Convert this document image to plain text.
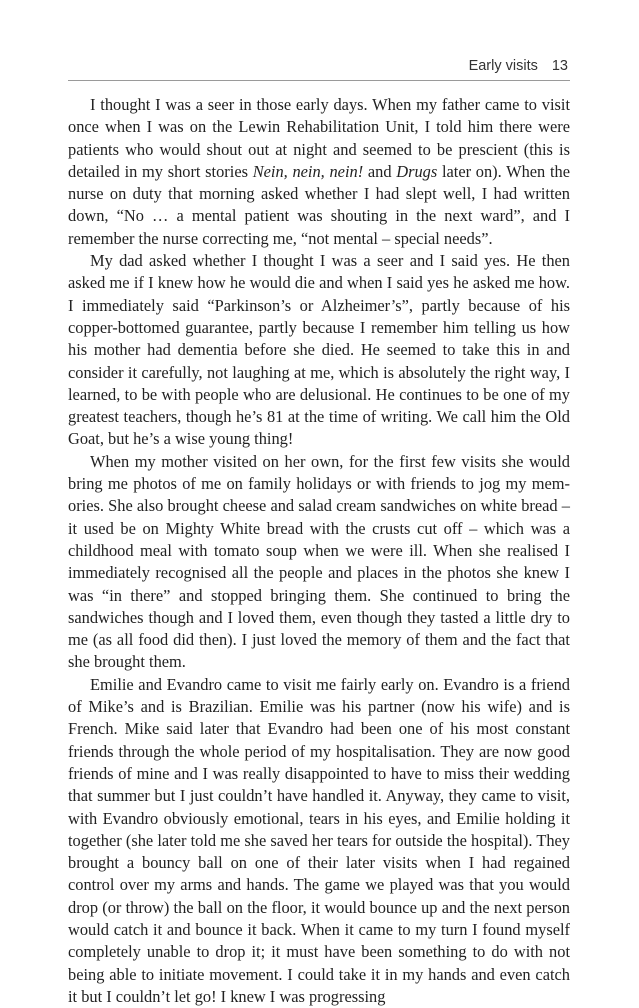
Early visits 13

I thought I was a seer in those early days. When my father came to visit once when I was on the Lewin Rehabilitation Unit, I told him there were patients who would shout out at night and seemed to be prescient (this is detailed in my short stories Nein, nein, nein! and Drugs later on). When the nurse on duty that morning asked whether I had slept well, I had written down, “No … a mental patient was shouting in the next ward”, and I remember the nurse correcting me, “not mental – special needs”.

My dad asked whether I thought I was a seer and I said yes. He then asked me if I knew how he would die and when I said yes he asked me how. I immediately said “Parkinson’s or Alzheimer’s”, partly because of his copper-bottomed guarantee, partly because I remember him telling us how his mother had dementia before she died. He seemed to take this in and consider it carefully, not laughing at me, which is absolutely the right way, I learned, to be with people who are delusional. He continues to be one of my greatest teachers, though he’s 81 at the time of writing. We call him the Old Goat, but he’s a wise young thing!

When my mother visited on her own, for the first few visits she would bring me photos of me on family holidays or with friends to jog my memories. She also brought cheese and salad cream sandwiches on white bread – it used be on Mighty White bread with the crusts cut off – which was a childhood meal with tomato soup when we were ill. When she realised I immediately recognised all the people and places in the photos she knew I was “in there” and stopped bringing them. She continued to bring the sandwiches though and I loved them, even though they tasted a little dry to me (as all food did then). I just loved the memory of them and the fact that she brought them.

Emilie and Evandro came to visit me fairly early on. Evandro is a friend of Mike’s and is Brazilian. Emilie was his partner (now his wife) and is French. Mike said later that Evandro had been one of his most constant friends through the whole period of my hospitalisation. They are now good friends of mine and I was really disappointed to have to miss their wedding that summer but I just couldn’t have handled it. Anyway, they came to visit, with Evandro obviously emotional, tears in his eyes, and Emilie holding it together (she later told me she saved her tears for outside the hospital). They brought a bouncy ball on one of their later visits when I had regained control over my arms and hands. The game we played was that you would drop (or throw) the ball on the floor, it would bounce up and the next person would catch it and bounce it back. When it came to my turn I found myself completely unable to drop it; it must have been something to do with not being able to initiate movement. I could take it in my hands and even catch it but I couldn’t let go! I knew I was progressing
